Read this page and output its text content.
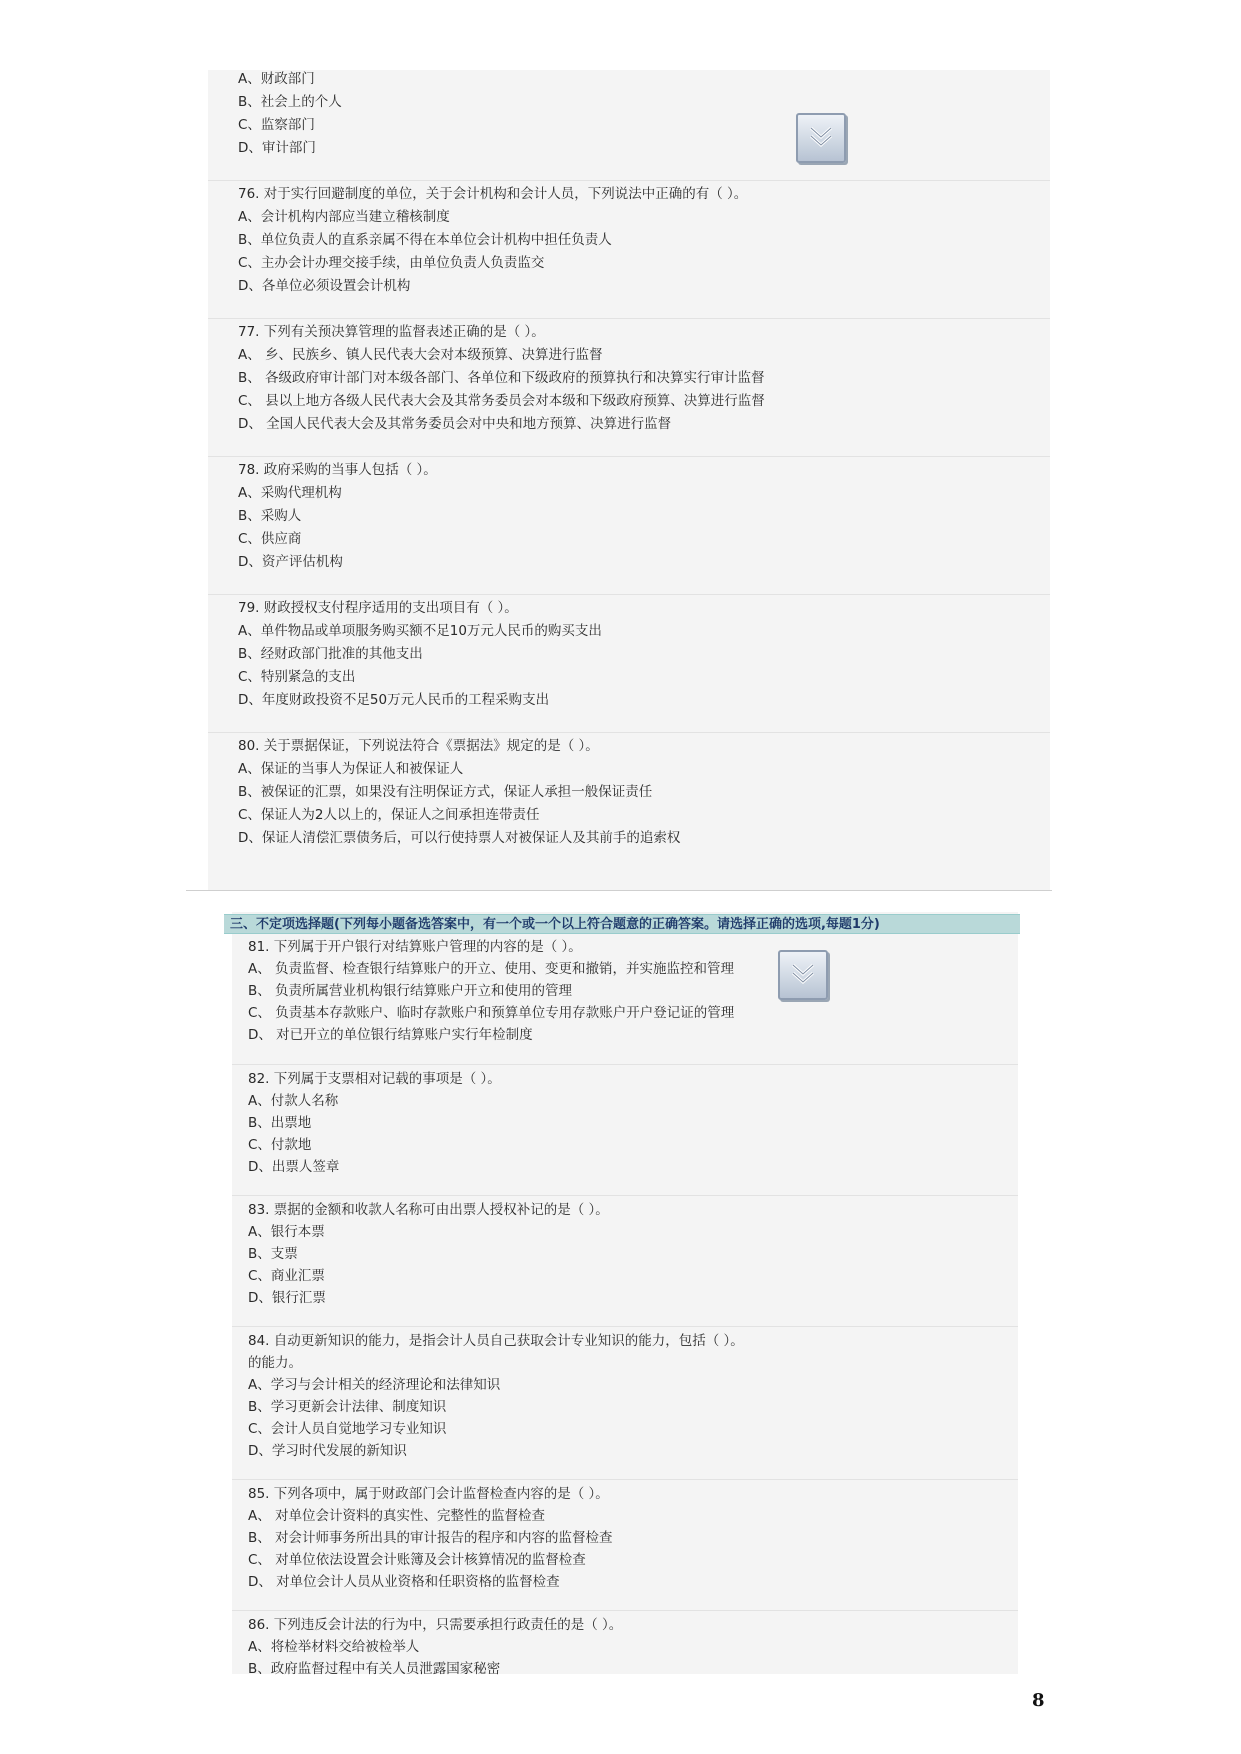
A、财政部门
B、社会上的个人
C、监察部门
D、审计部门
76. 对于实行回避制度的单位，关于会计机构和会计人员，下列说法中正确的有（ ）。
A、会计机构内部应当建立稽核制度
B、单位负责人的直系亲属不得在本单位会计机构中担任负责人
C、主办会计办理交接手续，由单位负责人负责监交
D、各单位必须设置会计机构
77. 下列有关预决算管理的监督表述正确的是（ ）。
A、 乡、民族乡、镇人民代表大会对本级预算、决算进行监督
B、 各级政府审计部门对本级各部门、各单位和下级政府的预算执行和决算实行审计监督
C、 县以上地方各级人民代表大会及其常务委员会对本级和下级政府预算、决算进行监督
D、 全国人民代表大会及其常务委员会对中央和地方预算、决算进行监督
78. 政府采购的当事人包括（ ）。
A、采购代理机构
B、采购人
C、供应商
D、资产评估机构
79. 财政授权支付程序适用的支出项目有（ ）。
A、单件物品或单项服务购买额不足10万元人民币的购买支出
B、经财政部门批准的其他支出
C、特别紧急的支出
D、年度财政投资不足50万元人民币的工程采购支出
80. 关于票据保证，下列说法符合《票据法》规定的是（ ）。
A、保证的当事人为保证人和被保证人
B、被保证的汇票，如果没有注明保证方式，保证人承担一般保证责任
C、保证人为2人以上的，保证人之间承担连带责任
D、保证人清偿汇票债务后，可以行使持票人对被保证人及其前手的追索权
三、不定项选择题(下列每小题备选答案中，有一个或一个以上符合题意的正确答案。请选择正确的选项,每题1分)
81. 下列属于开户银行对结算账户管理的内容的是（ ）。
A、 负责监督、检查银行结算账户的开立、使用、变更和撤销，并实施监控和管理
B、 负责所属营业机构银行结算账户开立和使用的管理
C、 负责基本存款账户、临时存款账户和预算单位专用存款账户开户登记证的管理
D、 对已开立的单位银行结算账户实行年检制度
82. 下列属于支票相对记载的事项是（ ）。
A、付款人名称
B、出票地
C、付款地
D、出票人签章
83. 票据的金额和收款人名称可由出票人授权补记的是（ ）。
A、银行本票
B、支票
C、商业汇票
D、银行汇票
84. 自动更新知识的能力，是指会计人员自己获取会计专业知识的能力，包括（ ）。
的能力。
A、学习与会计相关的经济理论和法律知识
B、学习更新会计法律、制度知识
C、会计人员自觉地学习专业知识
D、学习时代发展的新知识
85. 下列各项中，属于财政部门会计监督检查内容的是（ ）。
A、 对单位会计资料的真实性、完整性的监督检查
B、 对会计师事务所出具的审计报告的程序和内容的监督检查
C、 对单位依法设置会计账簿及会计核算情况的监督检查
D、 对单位会计人员从业资格和任职资格的监督检查
86. 下列违反会计法的行为中，只需要承担行政责任的是（ ）。
A、将检举材料交给被检举人
B、政府监督过程中有关人员泄露国家秘密
8
